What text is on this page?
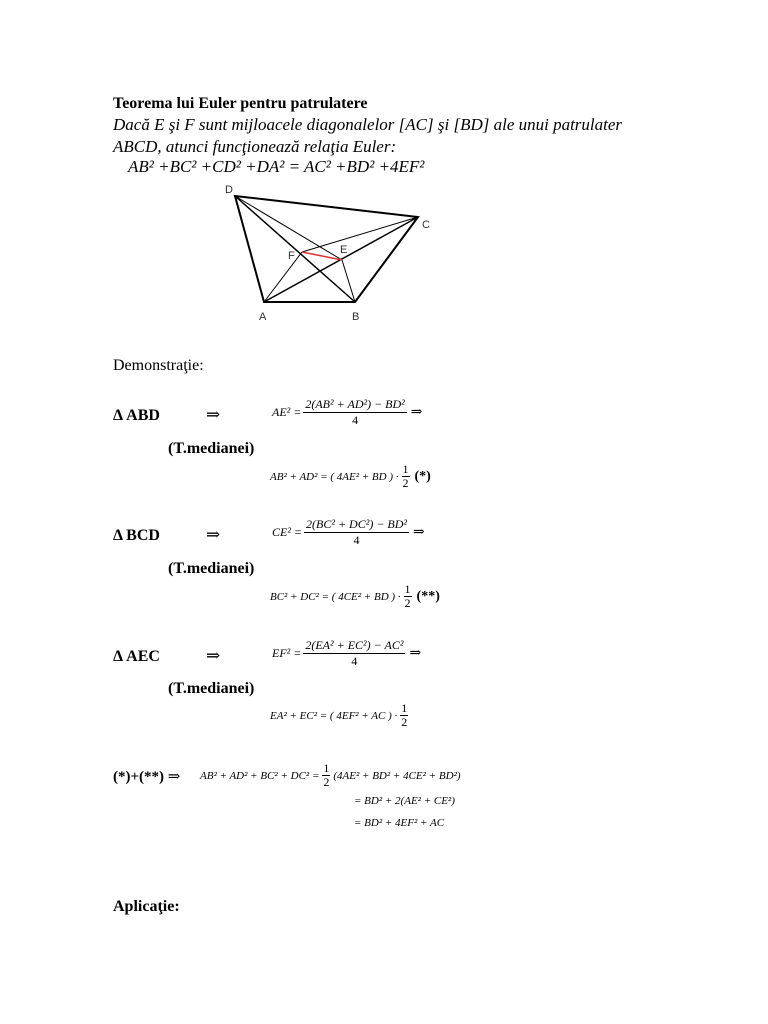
Teorema lui Euler pentru patrulatere
Dacă E şi F sunt mijloacele diagonalelor [AC] şi [BD] ale unui patrulater
ABCD, atunci funcţionează relaţia Euler:
AB² +BC² +CD² +DA² = AC² +BD² +4EF²
D
C
F	E
A	B
Demonstraţie:
Δ ABD	⇒	$AE^2 = \frac{\text{2(AB² + AD²) − BD²}}{4}$ ⇒
(T.medianei)
AB² + AD² = ( 4AE² + BD ) · $\frac{1}{2}$ (*)
Δ BCD	⇒	$CE^2 = \frac{\text{2(BC² + DC²) − BD²}}{4}$ ⇒
(T.medianei)
BC² + DC² = ( 4CE² + BD ) · $\frac{1}{2}$ (**)
Δ AEC	⇒	$EF^2 = \frac{\text{2(EA² + EC²) − AC²}}{4}$ ⇒
(T.medianei)
EA² + EC² = ( 4EF² + AC ) · $\frac{1}{2}$
(*)+(**) ⇒ $AB^2 + AD^2 + BC^2 + DC^2 = \frac{1}{2} (4AE^2 + BD^2 + 4CE^2 + BD^2)$
= BD² + 2(AE² + CE²)
= BD² + 4EF² + AC
Aplicaţie:
